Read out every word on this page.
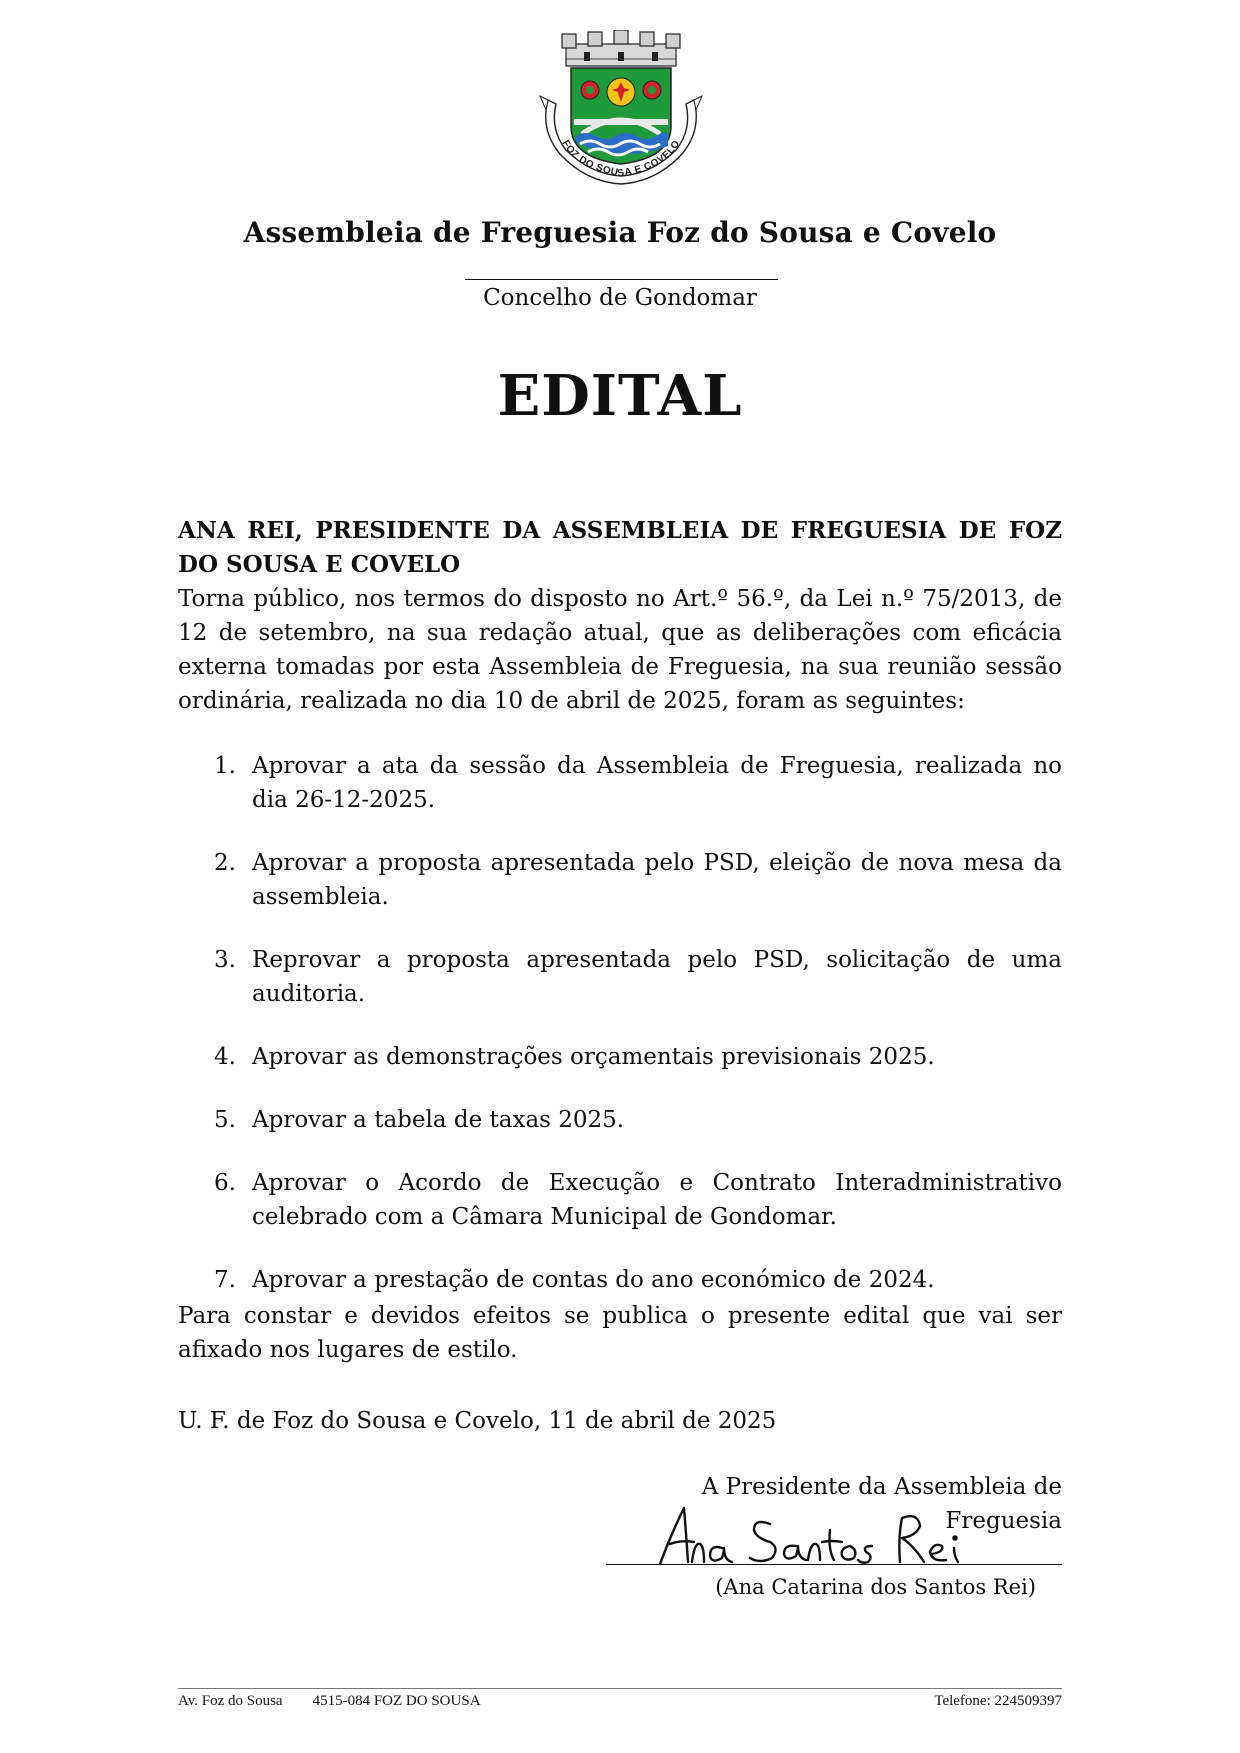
FOZ DO SOUSA E COVELO
Assembleia de Freguesia Foz do Sousa e Covelo
Concelho de Gondomar
EDITAL
ANA REI, PRESIDENTE DA ASSEMBLEIA DE FREGUESIA DE FOZ DO SOUSA E COVELO
Torna público, nos termos do disposto no Art.º 56.º, da Lei n.º 75/2013, de 12 de setembro, na sua redação atual, que as deliberações com eficácia externa tomadas por esta Assembleia de Freguesia, na sua reunião sessão ordinária, realizada no dia 10 de abril de 2025, foram as seguintes:
1. Aprovar a ata da sessão da Assembleia de Freguesia, realizada no dia 26-12-2025.
2. Aprovar a proposta apresentada pelo PSD, eleição de nova mesa da assembleia.
3. Reprovar a proposta apresentada pelo PSD, solicitação de uma auditoria.
4. Aprovar as demonstrações orçamentais previsionais 2025.
5. Aprovar a tabela de taxas 2025.
6. Aprovar o Acordo de Execução e Contrato Interadministrativo celebrado com a Câmara Municipal de Gondomar.
7. Aprovar a prestação de contas do ano económico de 2024.
Para constar e devidos efeitos se publica o presente edital que vai ser afixado nos lugares de estilo.
U. F. de Foz do Sousa e Covelo, 11 de abril de 2025
A Presidente da Assembleia de Freguesia
Ana Santos Rei
(Ana Catarina dos Santos Rei)
Av. Foz do Sousa 4515-084 FOZ DO SOUSA	Telefone: 224509397
